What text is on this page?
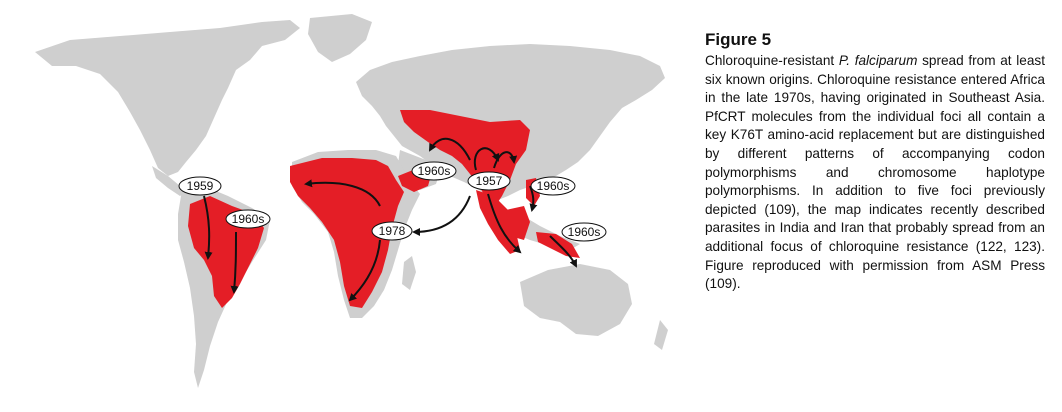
1959
1960s
1978
1960s
1957	1960s
1960s
Figure 5

Chloroquine-resistant P. falciparum spread from at least six known origins. Chloroquine resistance entered Africa in the late 1970s, having originated in Southeast Asia. PfCRT molecules from the individual foci all contain a key K76T amino-acid replacement but are distinguished by different patterns of accompanying codon polymorphisms and chromosome haplotype polymorphisms. In addition to five foci previously depicted (109), the map indicates recently described parasites in India and Iran that probably spread from an additional focus of chloroquine resistance (122, 123). Figure reproduced with permission from ASM Press (109).
